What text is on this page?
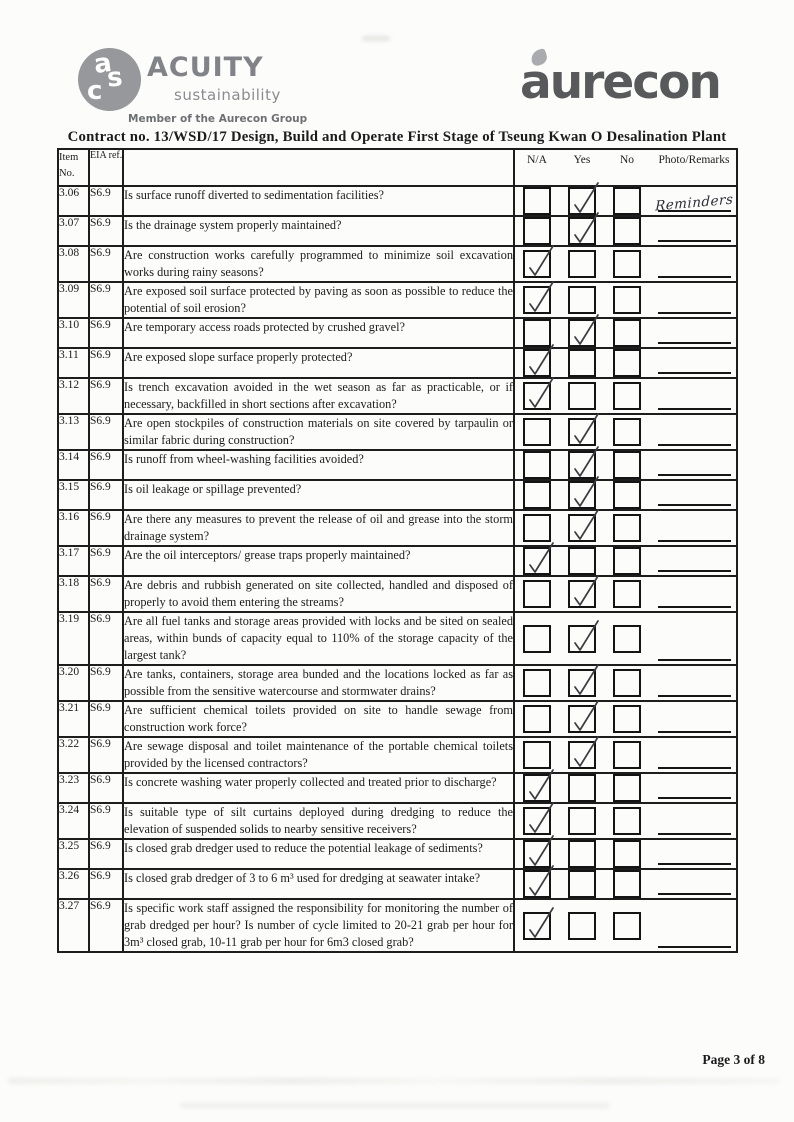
a
s
c
ACUITY
sustainability
Member of the Aurecon Group
aurecon
Contract no. 13/WSD/17 Design, Build and Operate First Stage of Tseung Kwan O Desalination Plant
Item No.	EIA ref.		N/A Yes No Photo/Remarks

3.06	S6.9	Is surface runoff diverted to sedimentation facilities?	Reminders

3.07	S6.9	Is the drainage system properly maintained?	

3.08	S6.9	Are construction works carefully programmed to minimize soil excavation works during rainy seasons?	

3.09	S6.9	Are exposed soil surface protected by paving as soon as possible to reduce the potential of soil erosion?	

3.10	S6.9	Are temporary access roads protected by crushed gravel?	

3.11	S6.9	Are exposed slope surface properly protected?	

3.12	S6.9	Is trench excavation avoided in the wet season as far as practicable, or if necessary, backfilled in short sections after excavation?	

3.13	S6.9	Are open stockpiles of construction materials on site covered by tarpaulin or similar fabric during construction?	

3.14	S6.9	Is runoff from wheel-washing facilities avoided?	

3.15	S6.9	Is oil leakage or spillage prevented?	

3.16	S6.9	Are there any measures to prevent the release of oil and grease into the storm drainage system?	

3.17	S6.9	Are the oil interceptors/ grease traps properly maintained?	

3.18	S6.9	Are debris and rubbish generated on site collected, handled and disposed of properly to avoid them entering the streams?	

3.19	S6.9	Are all fuel tanks and storage areas provided with locks and be sited on sealed areas, within bunds of capacity equal to 110% of the storage capacity of the largest tank?	

3.20	S6.9	Are tanks, containers, storage area bunded and the locations locked as far as possible from the sensitive watercourse and stormwater drains?	

3.21	S6.9	Are sufficient chemical toilets provided on site to handle sewage from construction work force?	

3.22	S6.9	Are sewage disposal and toilet maintenance of the portable chemical toilets provided by the licensed contractors?	

3.23	S6.9	Is concrete washing water properly collected and treated prior to discharge?	

3.24	S6.9	Is suitable type of silt curtains deployed during dredging to reduce the elevation of suspended solids to nearby sensitive receivers?	

3.25	S6.9	Is closed grab dredger used to reduce the potential leakage of sediments?	

3.26	S6.9	Is closed grab dredger of 3 to 6 m³ used for dredging at seawater intake?	

3.27	S6.9	Is specific work staff assigned the responsibility for monitoring the number of grab dredged per hour? Is number of cycle limited to 20-21 grab per hour for 3m³ closed grab, 10-11 grab per hour for 6m3 closed grab?	
Page 3 of 8
